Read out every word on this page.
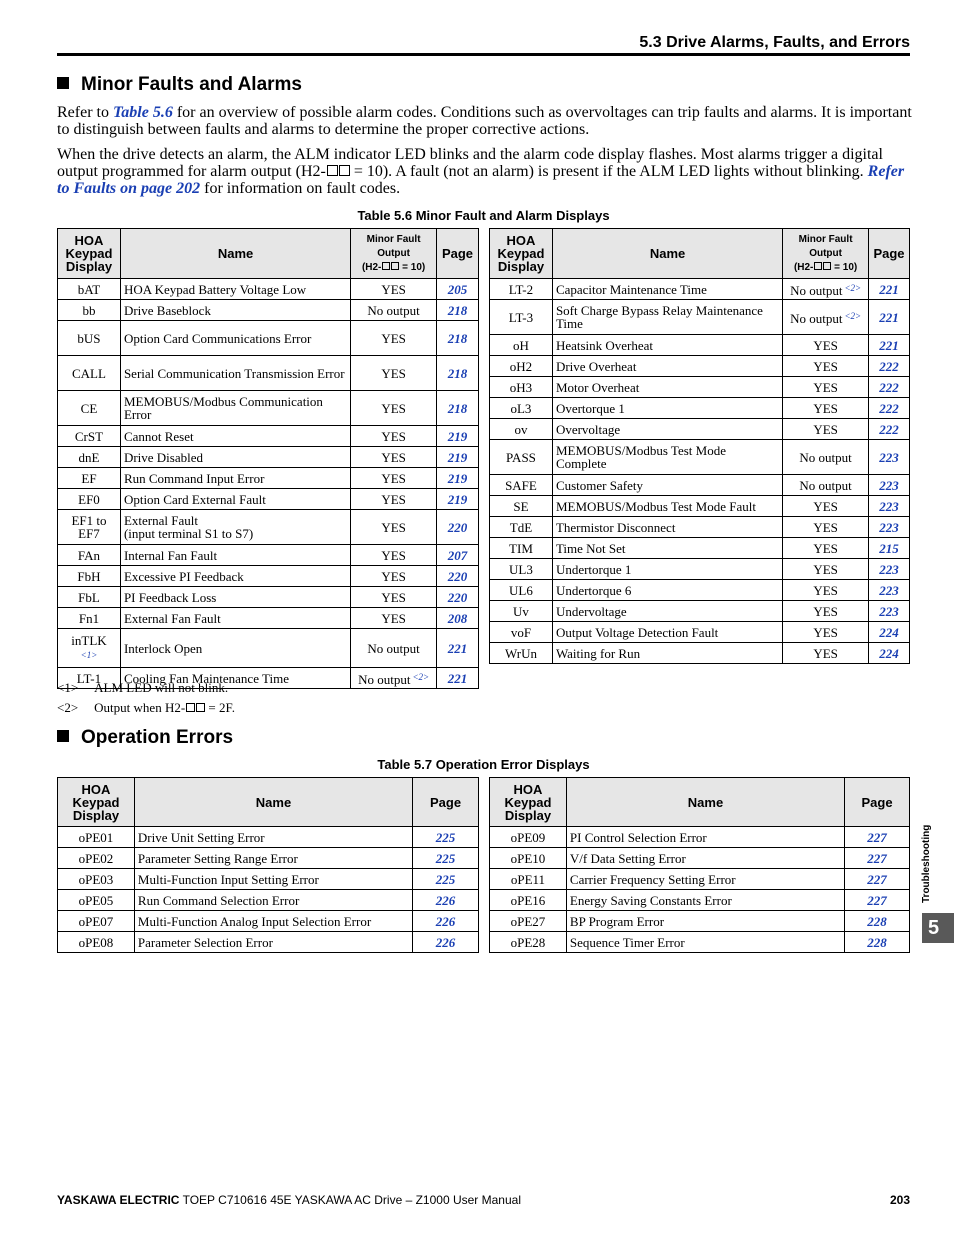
5.3 Drive Alarms, Faults, and Errors
Minor Faults and Alarms
Refer to Table 5.6 for an overview of possible alarm codes. Conditions such as overvoltages can trip faults and alarms. It is important to distinguish between faults and alarms to determine the proper corrective actions.
When the drive detects an alarm, the ALM indicator LED blinks and the alarm code display flashes. Most alarms trigger a digital output programmed for alarm output (H2- = 10). A fault (not an alarm) is present if the ALM LED lights without blinking. Refer to Faults on page 202 for information on fault codes.
Table 5.6 Minor Fault and Alarm Displays
HOA
Keypad
Display	Name	Minor Fault
Output
(H2- = 10)	Page
bAT	HOA Keypad Battery Voltage Low	YES	205
bb	Drive Baseblock	No output	218
bUS	Option Card Communications Error	YES	218
CALL	Serial Communication Transmission Error	YES	218
CE	MEMOBUS/Modbus Communication Error	YES	218
CrST	Cannot Reset	YES	219
dnE	Drive Disabled	YES	219
EF	Run Command Input Error	YES	219
EF0	Option Card External Fault	YES	219
EF1 to
EF7	External Fault
(input terminal S1 to S7)	YES	220
FAn	Internal Fan Fault	YES	207
FbH	Excessive PI Feedback	YES	220
FbL	PI Feedback Loss	YES	220
Fn1	External Fan Fault	YES	208
inTLK
<1>	Interlock Open	No output	221
LT-1	Cooling Fan Maintenance Time	No output $^{<2>}$	221
HOA
Keypad
Display	Name	Minor Fault
Output
(H2- = 10)	Page
LT-2	Capacitor Maintenance Time	No output $^{<2>}$	221
LT-3	Soft Charge Bypass Relay Maintenance Time	No output $^{<2>}$	221
oH	Heatsink Overheat	YES	221
oH2	Drive Overheat	YES	222
oH3	Motor Overheat	YES	222
oL3	Overtorque 1	YES	222
ov	Overvoltage	YES	222
PASS	MEMOBUS/Modbus Test Mode Complete	No output	223
SAFE	Customer Safety	No output	223
SE	MEMOBUS/Modbus Test Mode Fault	YES	223
TdE	Thermistor Disconnect	YES	223
TIM	Time Not Set	YES	215
UL3	Undertorque 1	YES	223
UL6	Undertorque 6	YES	223
Uv	Undervoltage	YES	223
voF	Output Voltage Detection Fault	YES	224
WrUn	Waiting for Run	YES	224
<1> ALM LED will not blink.
<2> Output when H2- = 2F.
Operation Errors
Table 5.7 Operation Error Displays
HOA
Keypad
Display	Name	Page
oPE01	Drive Unit Setting Error	225
oPE02	Parameter Setting Range Error	225
oPE03	Multi-Function Input Setting Error	225
oPE05	Run Command Selection Error	226
oPE07	Multi-Function Analog Input Selection Error	226
oPE08	Parameter Selection Error	226
HOA
Keypad
Display	Name	Page
oPE09	PI Control Selection Error	227
oPE10	V/f Data Setting Error	227
oPE11	Carrier Frequency Setting Error	227
oPE16	Energy Saving Constants Error	227
oPE27	BP Program Error	228
oPE28	Sequence Timer Error	228
Troubleshooting
5
YASKAWA ELECTRIC TOEP C710616 45E YASKAWA AC Drive – Z1000 User Manual	203
